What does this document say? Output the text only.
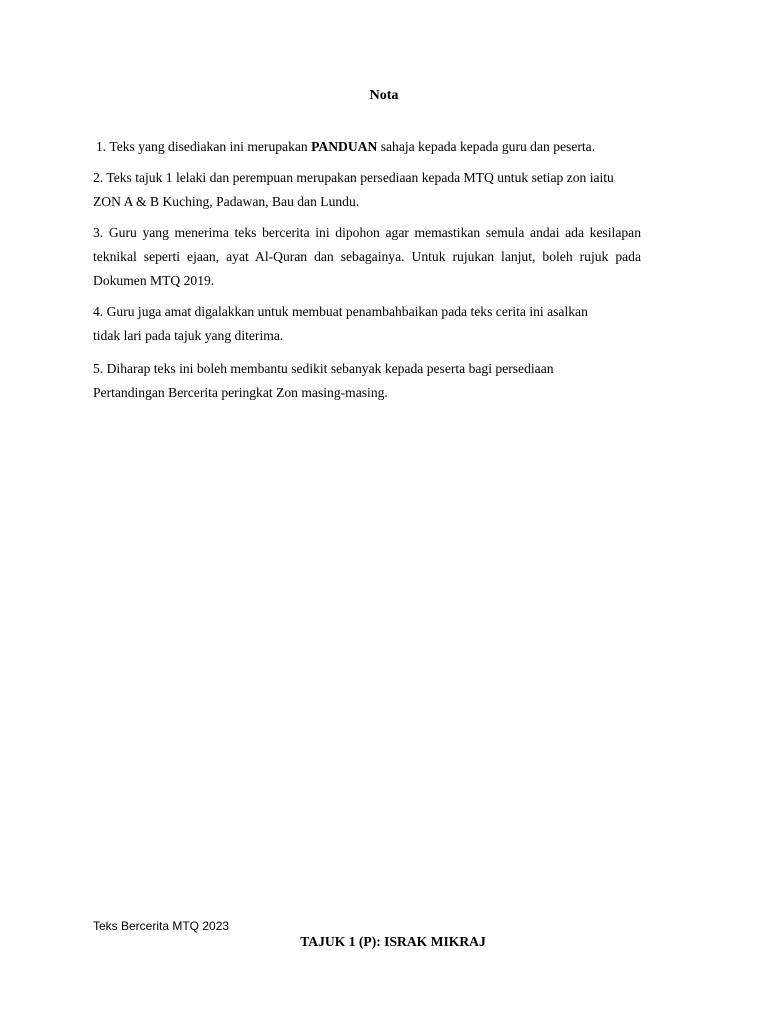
Nota

1. Teks yang disediakan ini merupakan PANDUAN sahaja kepada kepada guru dan peserta.

2. Teks tajuk 1 lelaki dan perempuan merupakan persediaan kepada MTQ untuk setiap zon iaitu
ZON A & B Kuching, Padawan, Bau dan Lundu.

3. Guru yang menerima teks bercerita ini dipohon agar memastikan semula andai ada kesilapan teknikal seperti ejaan, ayat Al-Quran dan sebagainya. Untuk rujukan lanjut, boleh rujuk pada Dokumen MTQ 2019.

4. Guru juga amat digalakkan untuk membuat penambahbaikan pada teks cerita ini asalkan
tidak lari pada tajuk yang diterima.

5. Diharap teks ini boleh membantu sedikit sebanyak kepada peserta bagi persediaan
Pertandingan Bercerita peringkat Zon masing-masing.

Teks Bercerita MTQ 2023
TAJUK 1 (P): ISRAK MIKRAJ
